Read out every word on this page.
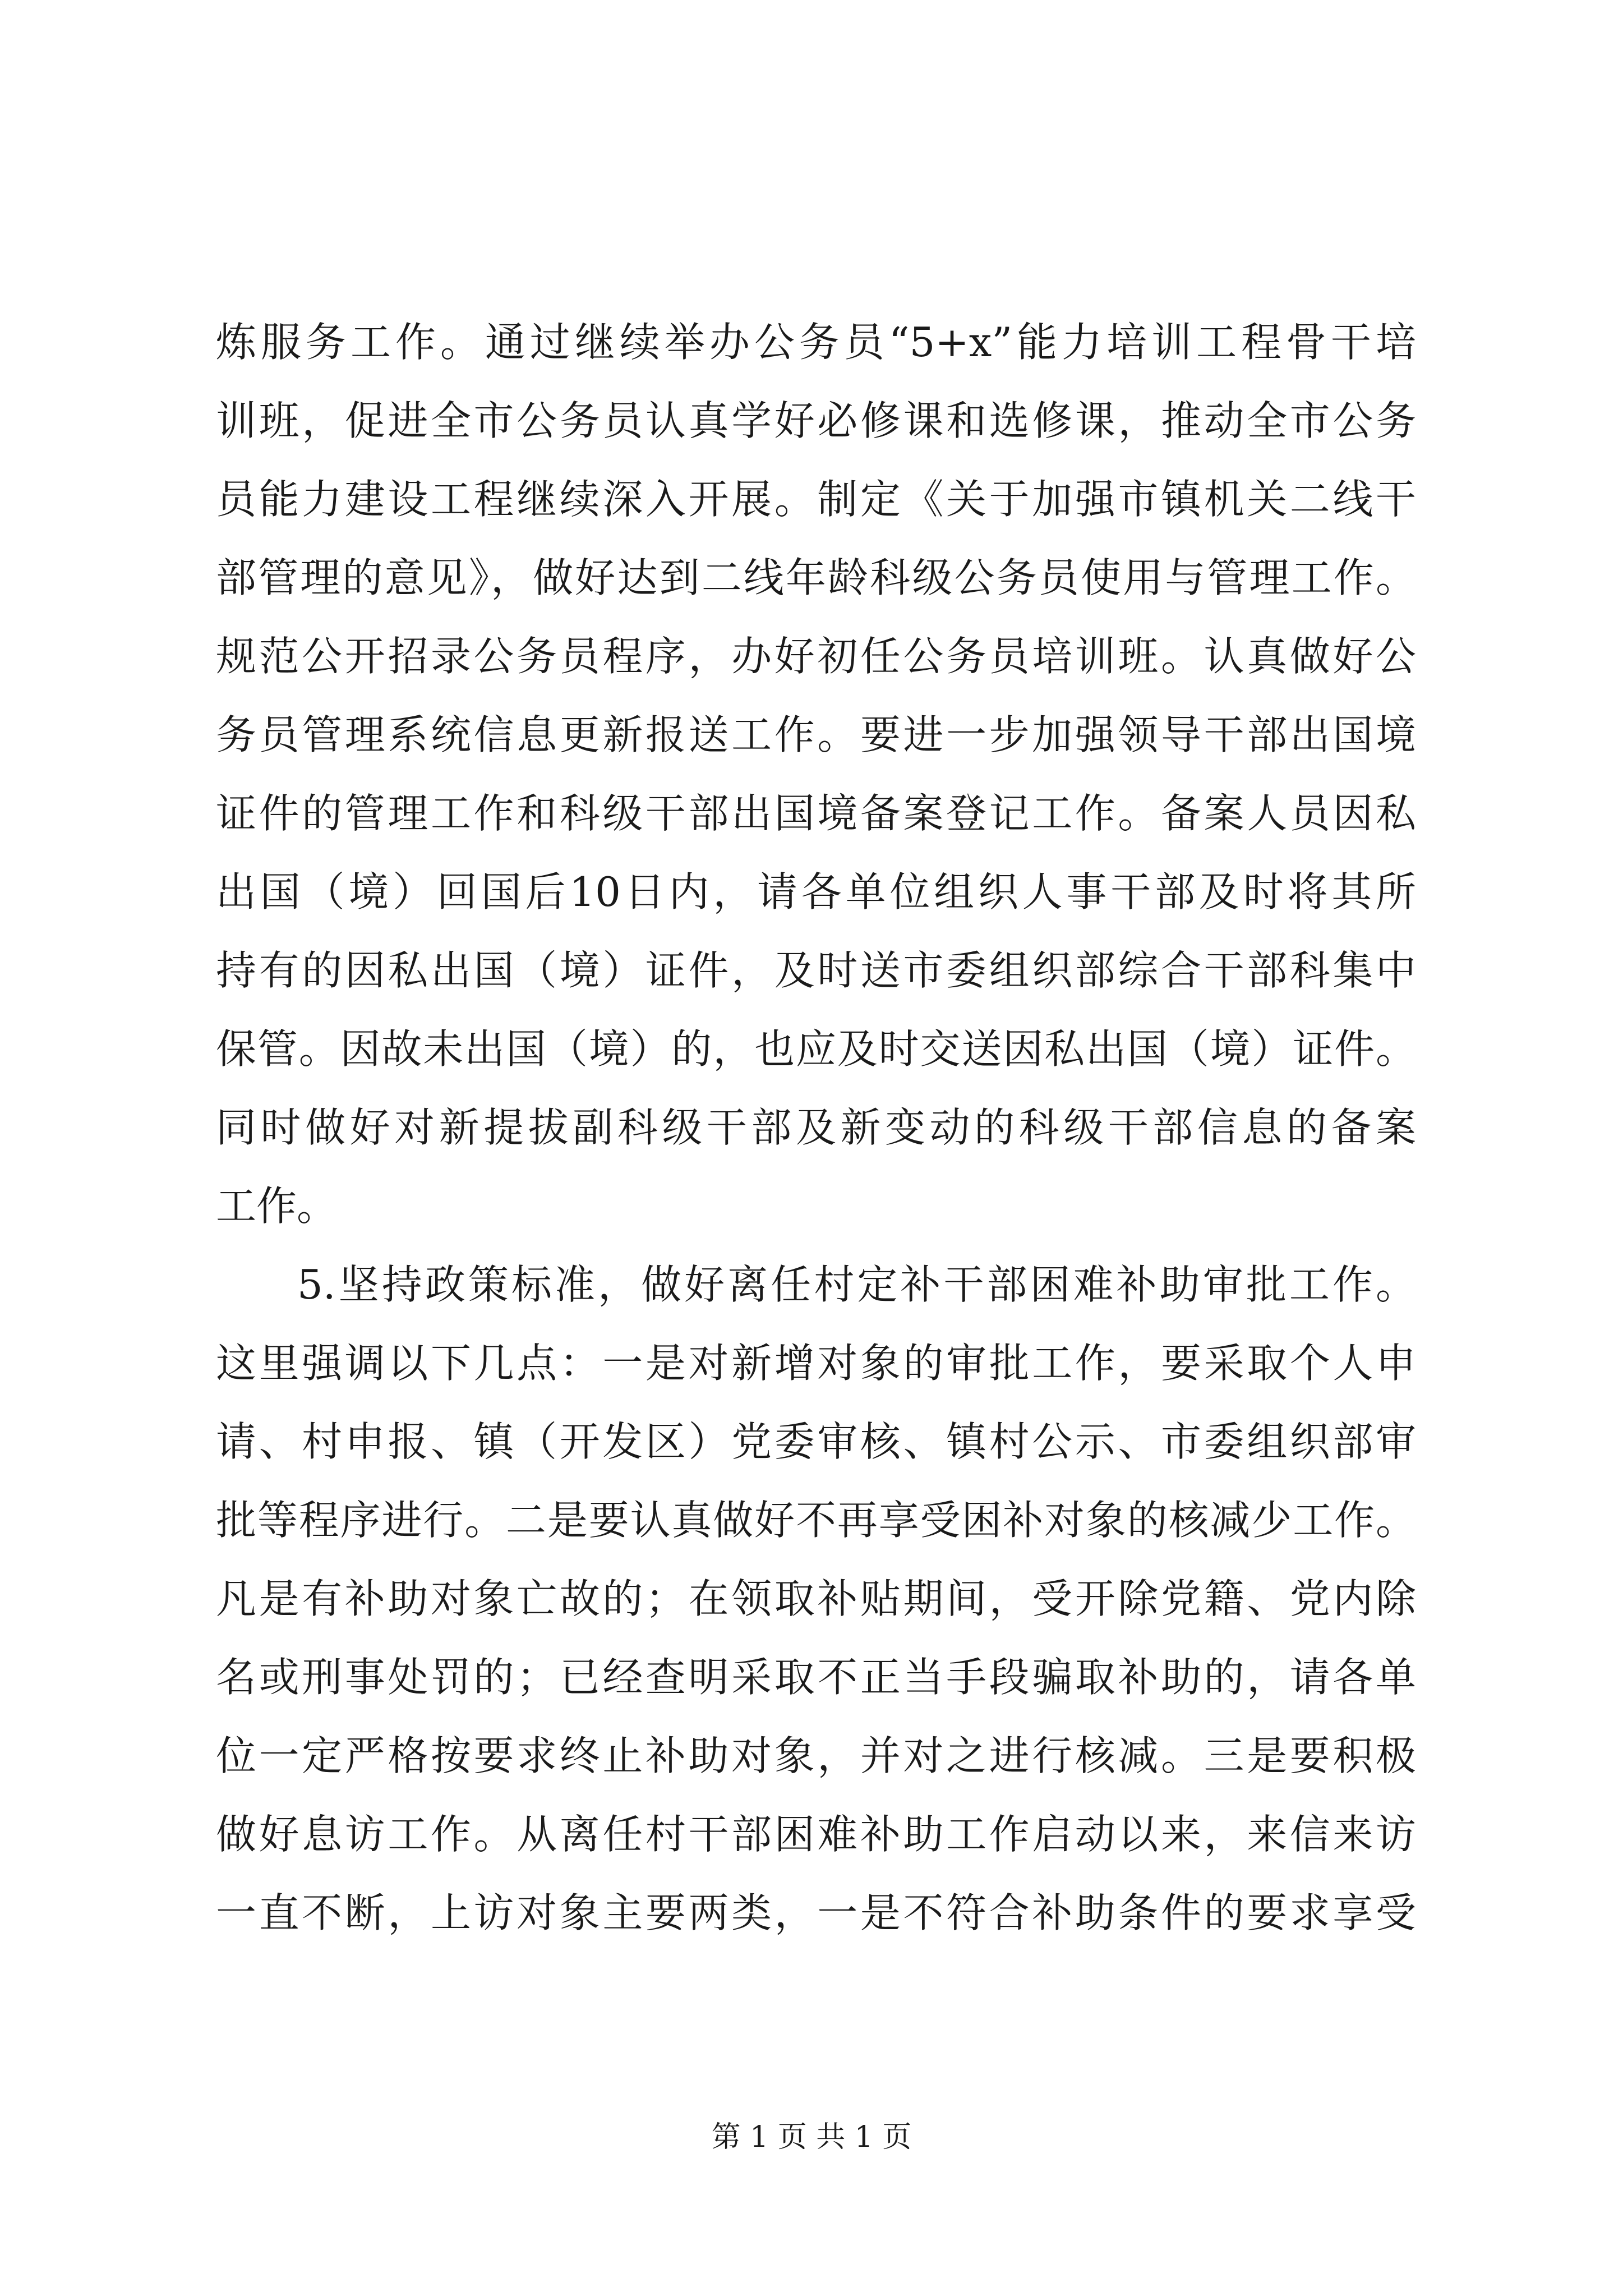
炼服务工作。通过继续举办公务员“5+x”能力培训工程骨干培
训班，促进全市公务员认真学好必修课和选修课，推动全市公务
员能力建设工程继续深入开展。制定《关于加强市镇机关二线干
部管理的意见》，做好达到二线年龄科级公务员使用与管理工作。
规范公开招录公务员程序，办好初任公务员培训班。认真做好公
务员管理系统信息更新报送工作。要进一步加强领导干部出国境
证件的管理工作和科级干部出国境备案登记工作。备案人员因私
出国（境）回国后10日内，请各单位组织人事干部及时将其所
持有的因私出国（境）证件，及时送市委组织部综合干部科集中
保管。因故未出国（境）的，也应及时交送因私出国（境）证件。
同时做好对新提拔副科级干部及新变动的科级干部信息的备案
工作。
5.坚持政策标准，做好离任村定补干部困难补助审批工作。
这里强调以下几点：一是对新增对象的审批工作，要采取个人申
请、村申报、镇（开发区）党委审核、镇村公示、市委组织部审
批等程序进行。二是要认真做好不再享受困补对象的核减少工作。
凡是有补助对象亡故的；在领取补贴期间，受开除党籍、党内除
名或刑事处罚的；已经查明采取不正当手段骗取补助的，请各单
位一定严格按要求终止补助对象，并对之进行核减。三是要积极
做好息访工作。从离任村干部困难补助工作启动以来，来信来访
一直不断，上访对象主要两类，一是不符合补助条件的要求享受
第 1 页 共 1 页
